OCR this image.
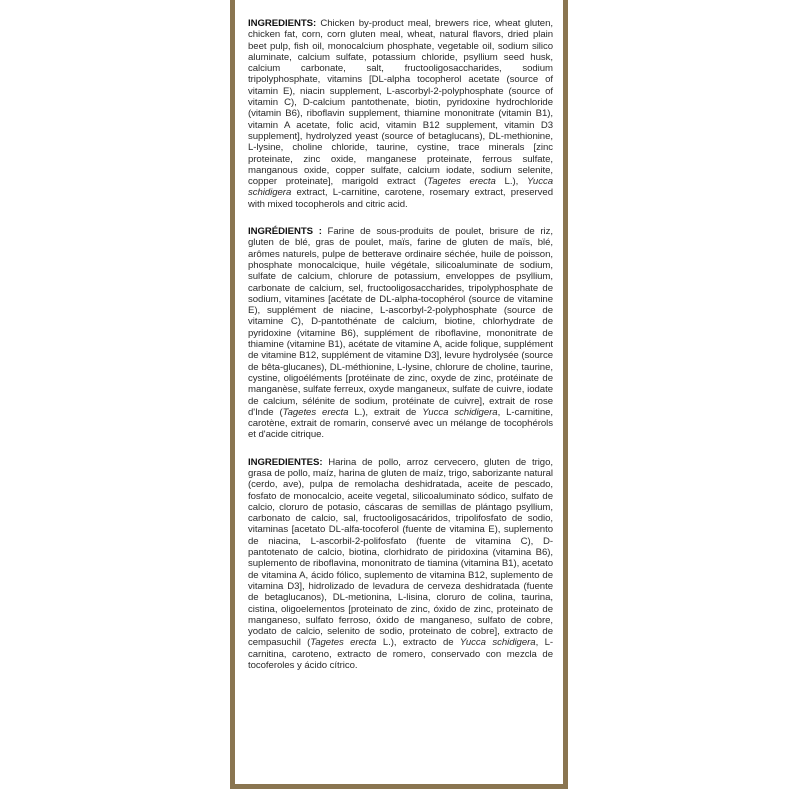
INGREDIENTS: Chicken by-product meal, brewers rice, wheat gluten, chicken fat, corn, corn gluten meal, wheat, natural flavors, dried plain beet pulp, fish oil, monocalcium phosphate, vegetable oil, sodium silico aluminate, calcium sulfate, potassium chloride, psyllium seed husk, calcium carbonate, salt, fructooligosaccharides, sodium tripolyphosphate, vitamins [DL-alpha tocopherol acetate (source of vitamin E), niacin supplement, L-ascorbyl-2-polyphosphate (source of vitamin C), D-calcium pantothenate, biotin, pyridoxine hydrochloride (vitamin B6), riboflavin supplement, thiamine mononitrate (vitamin B1), vitamin A acetate, folic acid, vitamin B12 supplement, vitamin D3 supplement], hydrolyzed yeast (source of betaglucans), DL-methionine, L-lysine, choline chloride, taurine, cystine, trace minerals [zinc proteinate, zinc oxide, manganese proteinate, ferrous sulfate, manganous oxide, copper sulfate, calcium iodate, sodium selenite, copper proteinate], marigold extract (Tagetes erecta L.), Yucca schidigera extract, L-carnitine, carotene, rosemary extract, preserved with mixed tocopherols and citric acid.

INGRÉDIENTS : Farine de sous-produits de poulet, brisure de riz, gluten de blé, gras de poulet, maïs, farine de gluten de maïs, blé, arômes naturels, pulpe de betterave ordinaire séchée, huile de poisson, phosphate monocalcique, huile végétale, silicoaluminate de sodium, sulfate de calcium, chlorure de potassium, enveloppes de psyllium, carbonate de calcium, sel, fructooligosaccharides, tripolyphosphate de sodium, vitamines [acétate de DL-alpha-tocophérol (source de vitamine E), supplément de niacine, L-ascorbyl-2-polyphosphate (source de vitamine C), D-pantothénate de calcium, biotine, chlorhydrate de pyridoxine (vitamine B6), supplément de riboflavine, mononitrate de thiamine (vitamine B1), acétate de vitamine A, acide folique, supplément de vitamine B12, supplément de vitamine D3], levure hydrolysée (source de bêta-glucanes), DL-méthionine, L-lysine, chlorure de choline, taurine, cystine, oligoéléments [protéinate de zinc, oxyde de zinc, protéinate de manganèse, sulfate ferreux, oxyde manganeux, sulfate de cuivre, iodate de calcium, sélénite de sodium, protéinate de cuivre], extrait de rose d'Inde (Tagetes erecta L.), extrait de Yucca schidigera, L-carnitine, carotène, extrait de romarin, conservé avec un mélange de tocophérols et d'acide citrique.

INGREDIENTES: Harina de pollo, arroz cervecero, gluten de trigo, grasa de pollo, maíz, harina de gluten de maíz, trigo, saborizante natural (cerdo, ave), pulpa de remolacha deshidratada, aceite de pescado, fosfato de monocalcio, aceite vegetal, silicoaluminato sódico, sulfato de calcio, cloruro de potasio, cáscaras de semillas de plántago psyllium, carbonato de calcio, sal, fructooligosacáridos, tripolifosfato de sodio, vitaminas [acetato DL-alfa-tocoferol (fuente de vitamina E), suplemento de niacina, L-ascorbil-2-polifosfato (fuente de vitamina C), D-pantotenato de calcio, biotina, clorhidrato de piridoxina (vitamina B6), suplemento de riboflavina, mononitrato de tiamina (vitamina B1), acetato de vitamina A, ácido fólico, suplemento de vitamina B12, suplemento de vitamina D3], hidrolizado de levadura de cerveza deshidratada (fuente de betaglucanos), DL-metionina, L-lisina, cloruro de colina, taurina, cistina, oligoelementos [proteinato de zinc, óxido de zinc, proteinato de manganeso, sulfato ferroso, óxido de manganeso, sulfato de cobre, yodato de calcio, selenito de sodio, proteinato de cobre], extracto de cempasuchil (Tagetes erecta L.), extracto de Yucca schidigera, L-carnitina, caroteno, extracto de romero, conservado con mezcla de tocoferoles y ácido cítrico.
